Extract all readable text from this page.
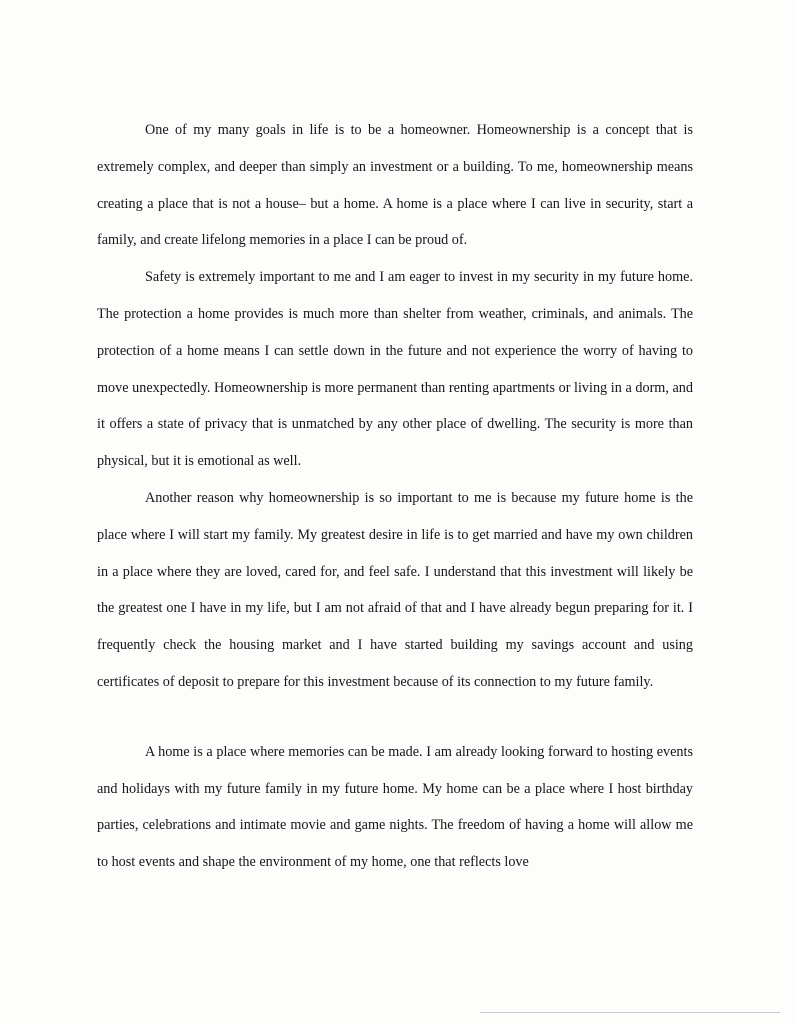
One of my many goals in life is to be a homeowner. Homeownership is a concept that is extremely complex, and deeper than simply an investment or a building. To me, homeownership means creating a place that is not a house– but a home. A home is a place where I can live in security, start a family, and create lifelong memories in a place I can be proud of.

Safety is extremely important to me and I am eager to invest in my security in my future home. The protection a home provides is much more than shelter from weather, criminals, and animals. The protection of a home means I can settle down in the future and not experience the worry of having to move unexpectedly. Homeownership is more permanent than renting apartments or living in a dorm, and it offers a state of privacy that is unmatched by any other place of dwelling. The security is more than physical, but it is emotional as well.

Another reason why homeownership is so important to me is because my future home is the place where I will start my family. My greatest desire in life is to get married and have my own children in a place where they are loved, cared for, and feel safe. I understand that this investment will likely be the greatest one I have in my life, but I am not afraid of that and I have already begun preparing for it. I frequently check the housing market and I have started building my savings account and using certificates of deposit to prepare for this investment because of its connection to my future family.

A home is a place where memories can be made. I am already looking forward to hosting events and holidays with my future family in my future home. My home can be a place where I host birthday parties, celebrations and intimate movie and game nights. The freedom of having a home will allow me to host events and shape the environment of my home, one that reflects love
